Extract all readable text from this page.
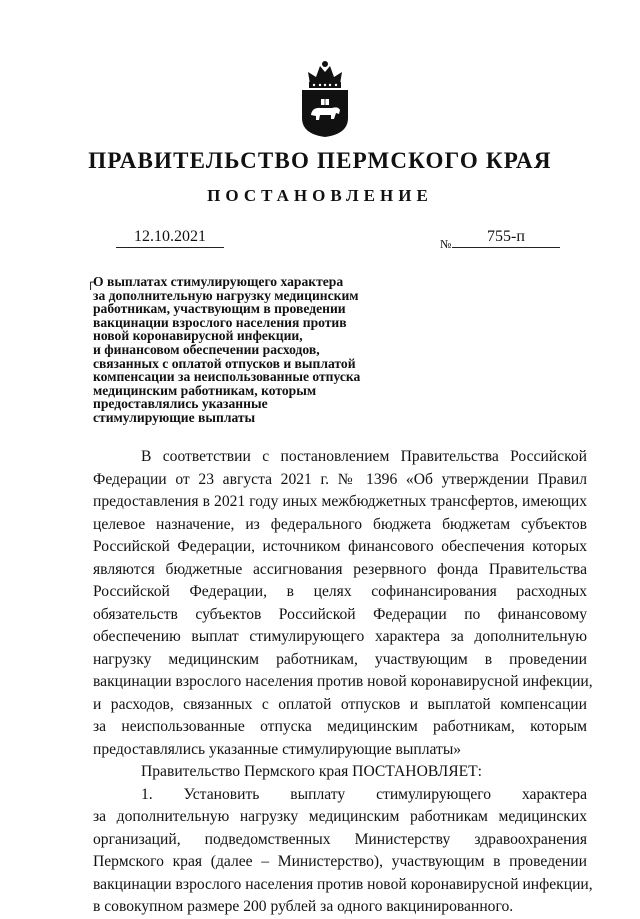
ПРАВИТЕЛЬСТВО ПЕРМСКОГО КРАЯ
ПОСТАНОВЛЕНИЕ
12.10.2021	№	755-п
┌
О выплатах стимулирующего характера
за дополнительную нагрузку медицинским
работникам, участвующим в проведении
вакцинации взрослого населения против
новой коронавирусной инфекции,
и финансовом обеспечении расходов,
связанных с оплатой отпусков и выплатой
компенсации за неиспользованные отпуска
медицинским работникам, которым
предоставлялись указанные
стимулирующие выплаты
В соответствии с постановлением Правительства Российской
Федерации от 23 августа 2021 г. № 1396 «Об утверждении Правил
предоставления в 2021 году иных межбюджетных трансфертов, имеющих
целевое назначение, из федерального бюджета бюджетам субъектов
Российской Федерации, источником финансового обеспечения которых
являются бюджетные ассигнования резервного фонда Правительства
Российской Федерации, в целях софинансирования расходных
обязательств субъектов Российской Федерации по финансовому
обеспечению выплат стимулирующего характера за дополнительную
нагрузку медицинским работникам, участвующим в проведении
вакцинации взрослого населения против новой коронавирусной инфекции,
и расходов, связанных с оплатой отпусков и выплатой компенсации
за неиспользованные отпуска медицинским работникам, которым
предоставлялись указанные стимулирующие выплаты»
Правительство Пермского края ПОСТАНОВЛЯЕТ:
1. Установить выплату стимулирующего характера
за дополнительную нагрузку медицинским работникам медицинских
организаций, подведомственных Министерству здравоохранения
Пермского края (далее – Министерство), участвующим в проведении
вакцинации взрослого населения против новой коронавирусной инфекции,
в совокупном размере 200 рублей за одного вакцинированного.
